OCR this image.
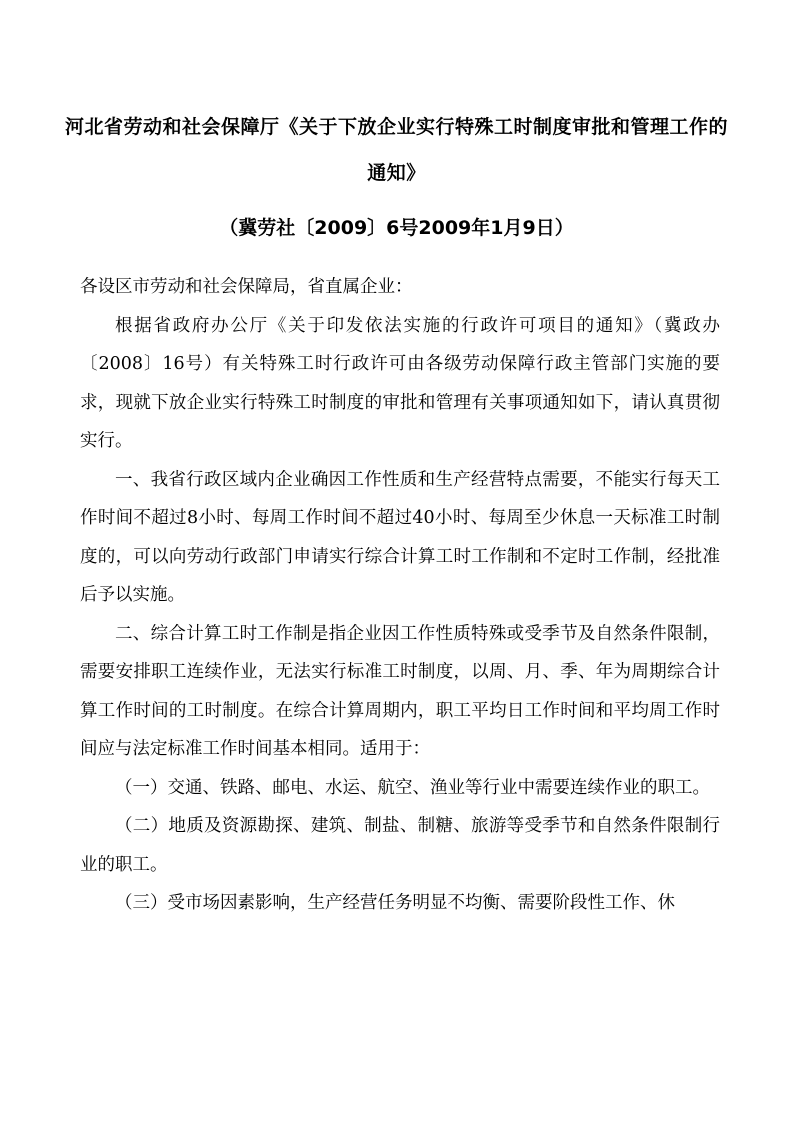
河北省劳动和社会保障厅《关于下放企业实行特殊工时制度审批和管理工作的通知》
（冀劳社〔2009〕6号2009年1月9日）

各设区市劳动和社会保障局，省直属企业：

根据省政府办公厅《关于印发依法实施的行政许可项目的通知》（冀政办〔2008〕16号）有关特殊工时行政许可由各级劳动保障行政主管部门实施的要求，现就下放企业实行特殊工时制度的审批和管理有关事项通知如下，请认真贯彻实行。

一、我省行政区域内企业确因工作性质和生产经营特点需要，不能实行每天工作时间不超过8小时、每周工作时间不超过40小时、每周至少休息一天标准工时制度的，可以向劳动行政部门申请实行综合计算工时工作制和不定时工作制，经批准后予以实施。

二、综合计算工时工作制是指企业因工作性质特殊或受季节及自然条件限制，需要安排职工连续作业，无法实行标准工时制度，以周、月、季、年为周期综合计算工作时间的工时制度。在综合计算周期内，职工平均日工作时间和平均周工作时间应与法定标准工作时间基本相同。适用于：

（一）交通、铁路、邮电、水运、航空、渔业等行业中需要连续作业的职工。

（二）地质及资源勘探、建筑、制盐、制糖、旅游等受季节和自然条件限制行业的职工。

（三）受市场因素影响，生产经营任务明显不均衡、需要阶段性工作、休
